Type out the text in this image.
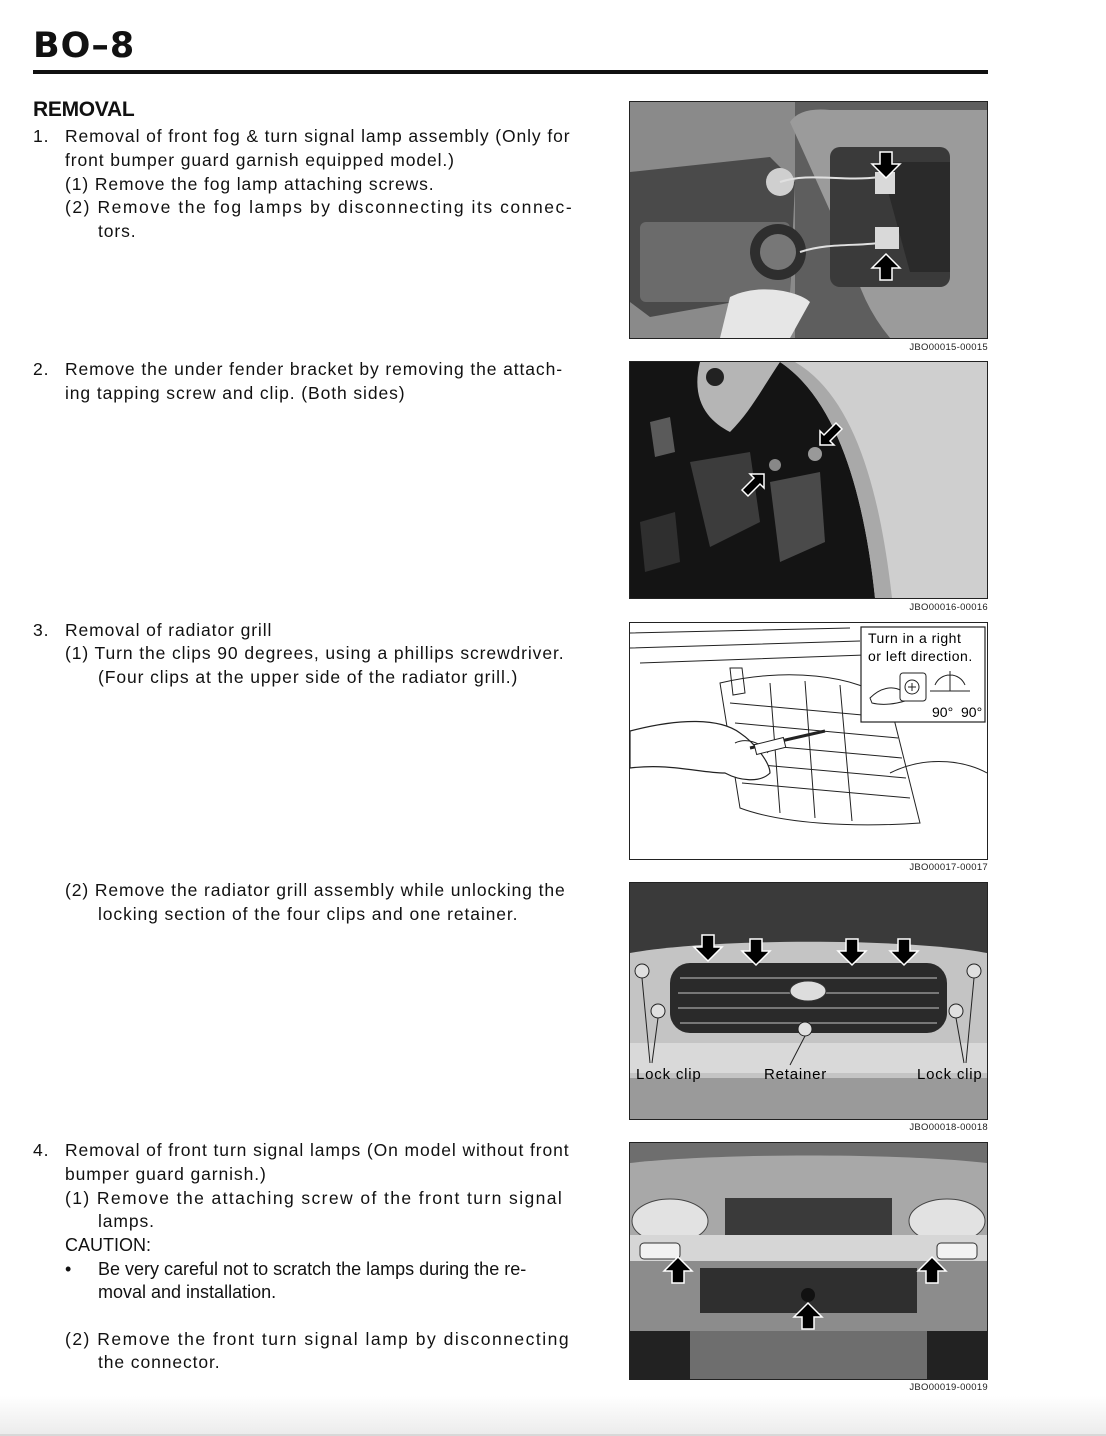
BO–8
REMOVAL
1. Removal of front fog & turn signal lamp assembly (Only for
front bumper guard garnish equipped model.)
(1) Remove the fog lamp attaching screws.
(2) Remove the fog lamps by disconnecting its connec-
tors.
2. Remove the under fender bracket by removing the attach-
ing tapping screw and clip. (Both sides)
3. Removal of radiator grill
(1) Turn the clips 90 degrees, using a phillips screwdriver.
(Four clips at the upper side of the radiator grill.)
(2) Remove the radiator grill assembly while unlocking the
locking section of the four clips and one retainer.
4. Removal of front turn signal lamps (On model without front
bumper guard garnish.)
(1) Remove the attaching screw of the front turn signal
lamps.
CAUTION:
• Be very careful not to scratch the lamps during the re-
moval and installation.
(2) Remove the front turn signal lamp by disconnecting
the connector.
JBO00015-00015
JBO00016-00016
Turn in a right
or left direction.
90° 90°
JBO00017-00017
Lock clip	Retainer	Lock clip
JBO00018-00018
JBO00019-00019
